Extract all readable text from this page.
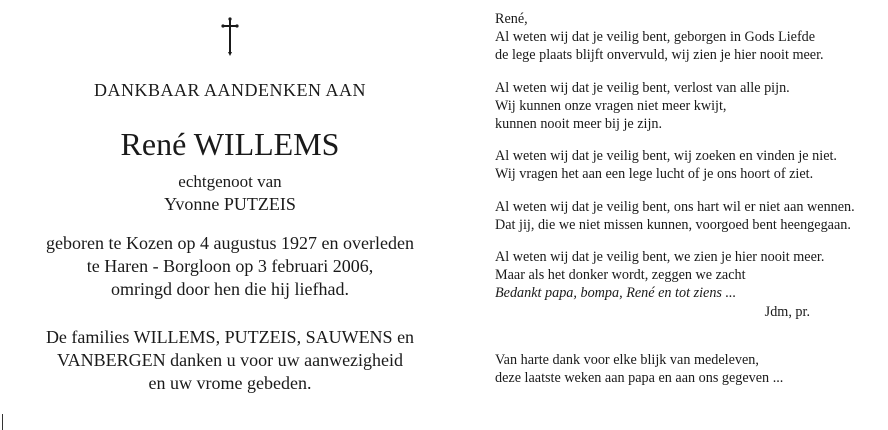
DANKBAAR AANDENKEN AAN
René WILLEMS
echtgenoot van
Yvonne PUTZEIS
geboren te Kozen op 4 augustus 1927 en overleden
te Haren - Borgloon op 3 februari 2006,
omringd door hen die hij liefhad.
De families WILLEMS, PUTZEIS, SAUWENS en
VANBERGEN danken u voor uw aanwezigheid
en uw vrome gebeden.
René,
Al weten wij dat je veilig bent, geborgen in Gods Liefde
de lege plaats blijft onvervuld, wij zien je hier nooit meer.
Al weten wij dat je veilig bent, verlost van alle pijn.
Wij kunnen onze vragen niet meer kwijt,
kunnen nooit meer bij je zijn.
Al weten wij dat je veilig bent, wij zoeken en vinden je niet.
Wij vragen het aan een lege lucht of je ons hoort of ziet.
Al weten wij dat je veilig bent, ons hart wil er niet aan wennen.
Dat jij, die we niet missen kunnen, voorgoed bent heengegaan.
Al weten wij dat je veilig bent, we zien je hier nooit meer.
Maar als het donker wordt, zeggen we zacht
Bedankt papa, bompa, René en tot ziens ...
Jdm, pr.
Van harte dank voor elke blijk van medeleven,
deze laatste weken aan papa en aan ons gegeven ...
